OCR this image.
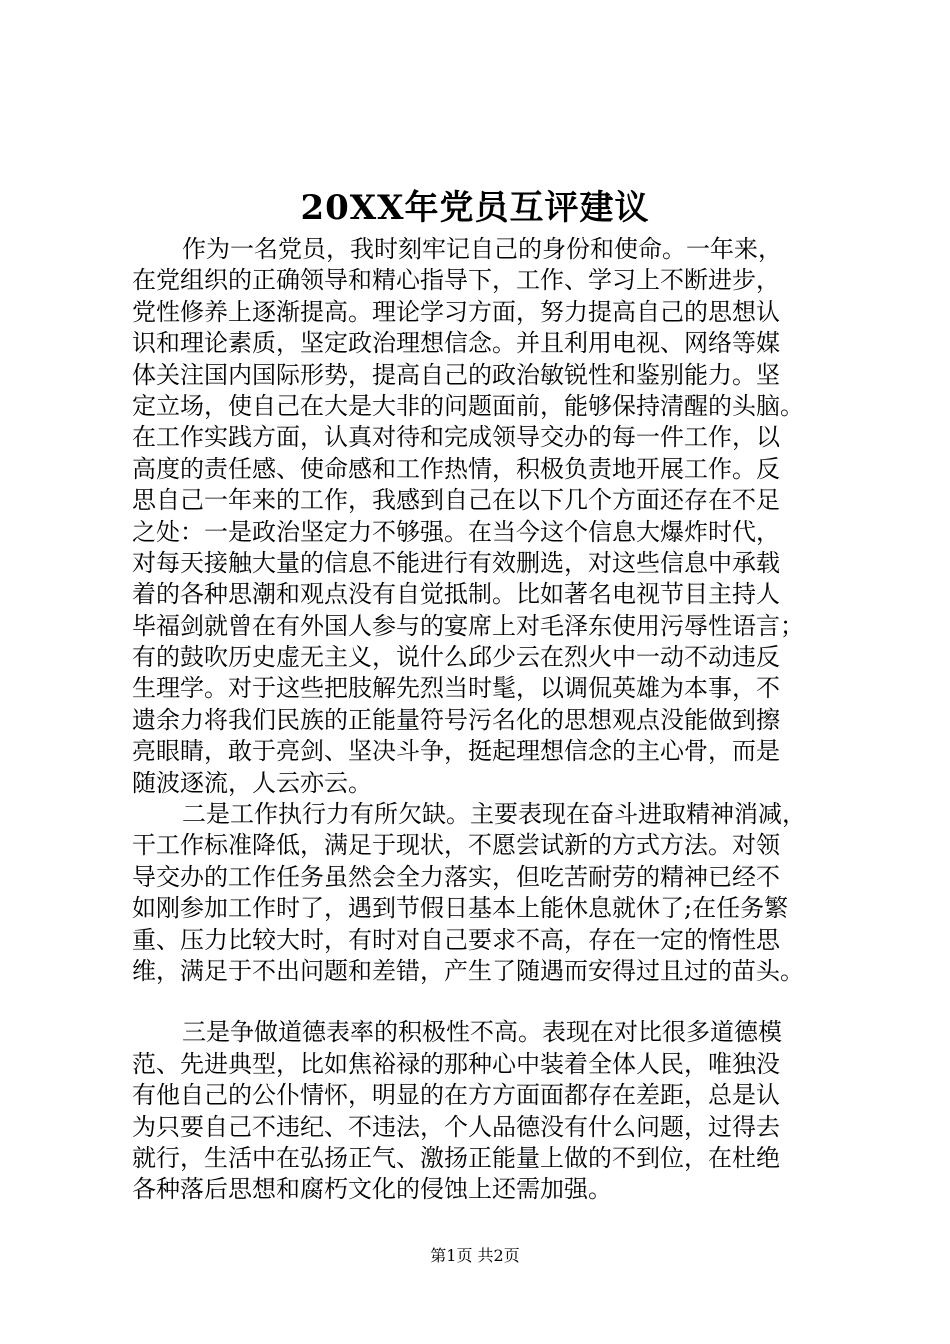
20XX年党员互评建议
作为一名党员，我时刻牢记自己的身份和使命。一年来，
在党组织的正确领导和精心指导下，工作、学习上不断进步，
党性修养上逐渐提高。理论学习方面，努力提高自己的思想认
识和理论素质，坚定政治理想信念。并且利用电视、网络等媒
体关注国内国际形势，提高自己的政治敏锐性和鉴别能力。坚
定立场，使自己在大是大非的问题面前，能够保持清醒的头脑。
在工作实践方面，认真对待和完成领导交办的每一件工作，以
高度的责任感、使命感和工作热情，积极负责地开展工作。反
思自己一年来的工作，我感到自己在以下几个方面还存在不足
之处：一是政治坚定力不够强。在当今这个信息大爆炸时代，
对每天接触大量的信息不能进行有效删选，对这些信息中承载
着的各种思潮和观点没有自觉抵制。比如著名电视节目主持人
毕福剑就曾在有外国人参与的宴席上对毛泽东使用污辱性语言；
有的鼓吹历史虚无主义，说什么邱少云在烈火中一动不动违反
生理学。对于这些把肢解先烈当时髦，以调侃英雄为本事，不
遗余力将我们民族的正能量符号污名化的思想观点没能做到擦
亮眼睛，敢于亮剑、坚决斗争，挺起理想信念的主心骨，而是
随波逐流，人云亦云。
二是工作执行力有所欠缺。主要表现在奋斗进取精神消减，
干工作标准降低，满足于现状，不愿尝试新的方式方法。对领
导交办的工作任务虽然会全力落实，但吃苦耐劳的精神已经不
如刚参加工作时了，遇到节假日基本上能休息就休了;在任务繁
重、压力比较大时，有时对自己要求不高，存在一定的惰性思
维，满足于不出问题和差错，产生了随遇而安得过且过的苗头。
三是争做道德表率的积极性不高。表现在对比很多道德模
范、先进典型，比如焦裕禄的那种心中装着全体人民，唯独没
有他自己的公仆情怀，明显的在方方面面都存在差距，总是认
为只要自己不违纪、不违法，个人品德没有什么问题，过得去
就行，生活中在弘扬正气、激扬正能量上做的不到位，在杜绝
各种落后思想和腐朽文化的侵蚀上还需加强。
第1页 共2页
